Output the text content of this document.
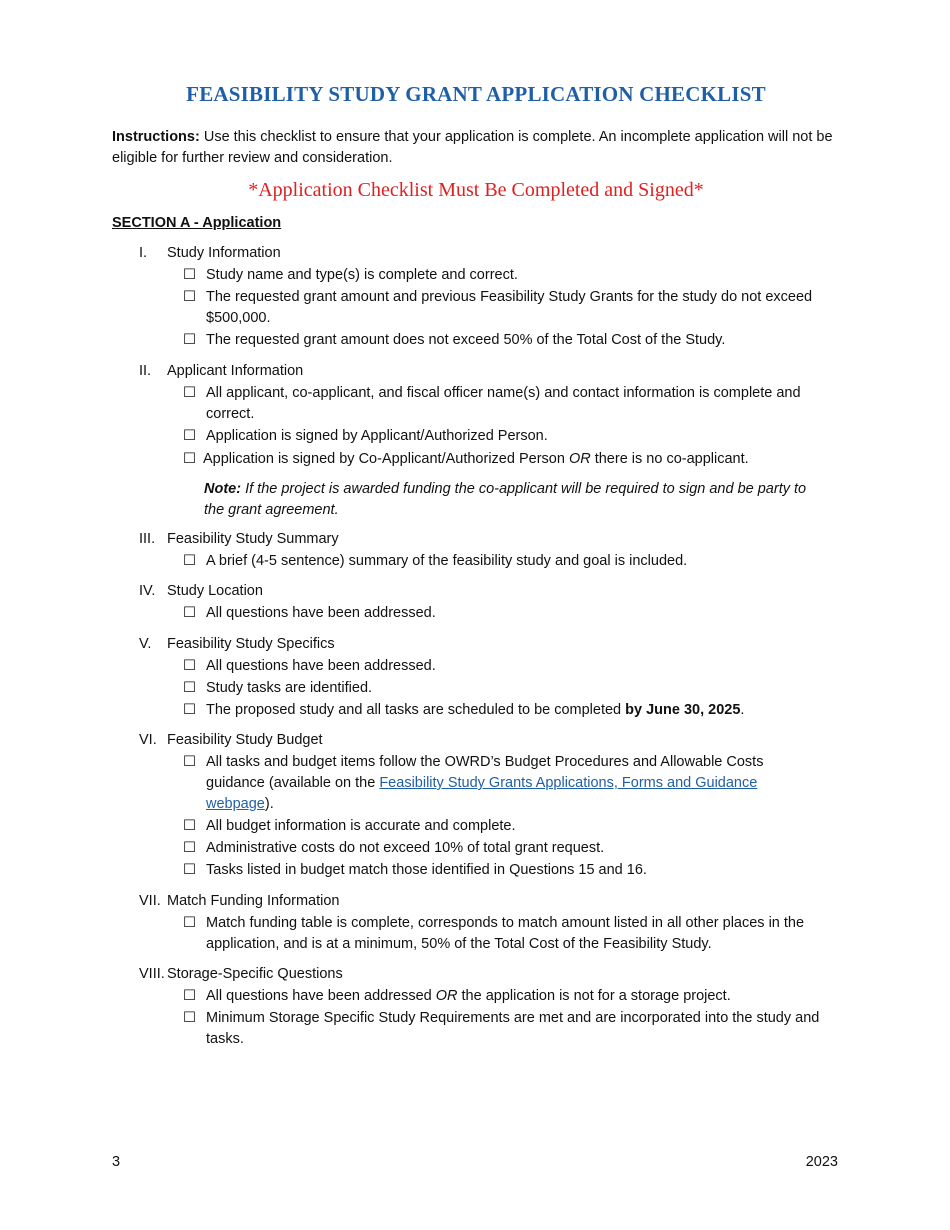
FEASIBILITY STUDY GRANT APPLICATION CHECKLIST
Instructions: Use this checklist to ensure that your application is complete. An incomplete application will not be eligible for further review and consideration.
*Application Checklist Must Be Completed and Signed*
SECTION A - Application
I.	Study Information
☐ Study name and type(s) is complete and correct.
☐ The requested grant amount and previous Feasibility Study Grants for the study do not exceed $500,000.
☐ The requested grant amount does not exceed 50% of the Total Cost of the Study.
II.	Applicant Information
☐ All applicant, co-applicant, and fiscal officer name(s) and contact information is complete and correct.
☐ Application is signed by Applicant/Authorized Person.
☐ Application is signed by Co-Applicant/Authorized Person OR there is no co-applicant.
Note: If the project is awarded funding the co-applicant will be required to sign and be party to the grant agreement.
III. Feasibility Study Summary
☐ A brief (4-5 sentence) summary of the feasibility study and goal is included.
IV. Study Location
☐ All questions have been addressed.
V.	Feasibility Study Specifics
☐ All questions have been addressed.
☐ Study tasks are identified.
☐ The proposed study and all tasks are scheduled to be completed by June 30, 2025.
VI. Feasibility Study Budget
☐ All tasks and budget items follow the OWRD’s Budget Procedures and Allowable Costs guidance (available on the Feasibility Study Grants Applications, Forms and Guidance webpage).
☐ All budget information is accurate and complete.
☐ Administrative costs do not exceed 10% of total grant request.
☐ Tasks listed in budget match those identified in Questions 15 and 16.
VII. Match Funding Information
☐ Match funding table is complete, corresponds to match amount listed in all other places in the application, and is at a minimum, 50% of the Total Cost of the Feasibility Study.
VIII. Storage-Specific Questions
☐ All questions have been addressed OR the application is not for a storage project.
☐ Minimum Storage Specific Study Requirements are met and are incorporated into the study and tasks.
3	2023
